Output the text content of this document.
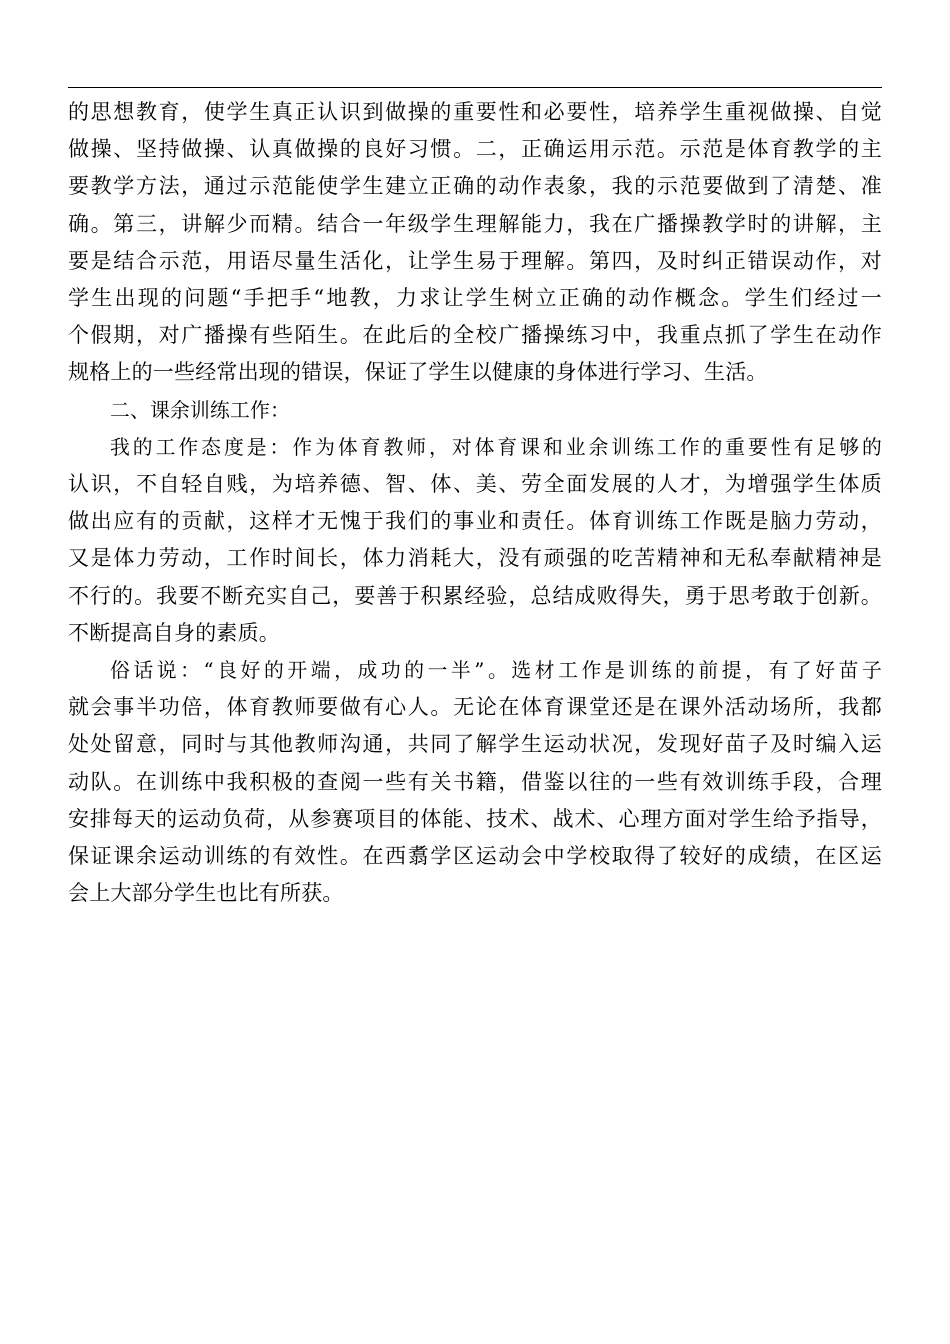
的思想教育，使学生真正认识到做操的重要性和必要性，培养学生重视做操、自觉
做操、坚持做操、认真做操的良好习惯。二，正确运用示范。示范是体育教学的主
要教学方法，通过示范能使学生建立正确的动作表象，我的示范要做到了清楚、准
确。第三，讲解少而精。结合一年级学生理解能力，我在广播操教学时的讲解，主
要是结合示范，用语尽量生活化，让学生易于理解。第四，及时纠正错误动作，对
学生出现的问题“手把手“地教，力求让学生树立正确的动作概念。学生们经过一
个假期，对广播操有些陌生。在此后的全校广播操练习中，我重点抓了学生在动作
规格上的一些经常出现的错误，保证了学生以健康的身体进行学习、生活。

二、课余训练工作：

我的工作态度是：作为体育教师，对体育课和业余训练工作的重要性有足够的
认识，不自轻自贱，为培养德、智、体、美、劳全面发展的人才，为增强学生体质
做出应有的贡献，这样才无愧于我们的事业和责任。体育训练工作既是脑力劳动，
又是体力劳动，工作时间长，体力消耗大，没有顽强的吃苦精神和无私奉献精神是
不行的。我要不断充实自己，要善于积累经验，总结成败得失，勇于思考敢于创新。
不断提高自身的素质。

俗话说：“良好的开端，成功的一半”。选材工作是训练的前提，有了好苗子
就会事半功倍，体育教师要做有心人。无论在体育课堂还是在课外活动场所，我都
处处留意，同时与其他教师沟通，共同了解学生运动状况，发现好苗子及时编入运
动队。在训练中我积极的查阅一些有关书籍，借鉴以往的一些有效训练手段，合理
安排每天的运动负荷，从参赛项目的体能、技术、战术、心理方面对学生给予指导，
保证课余运动训练的有效性。在西翥学区运动会中学校取得了较好的成绩，在区运
会上大部分学生也比有所获。
